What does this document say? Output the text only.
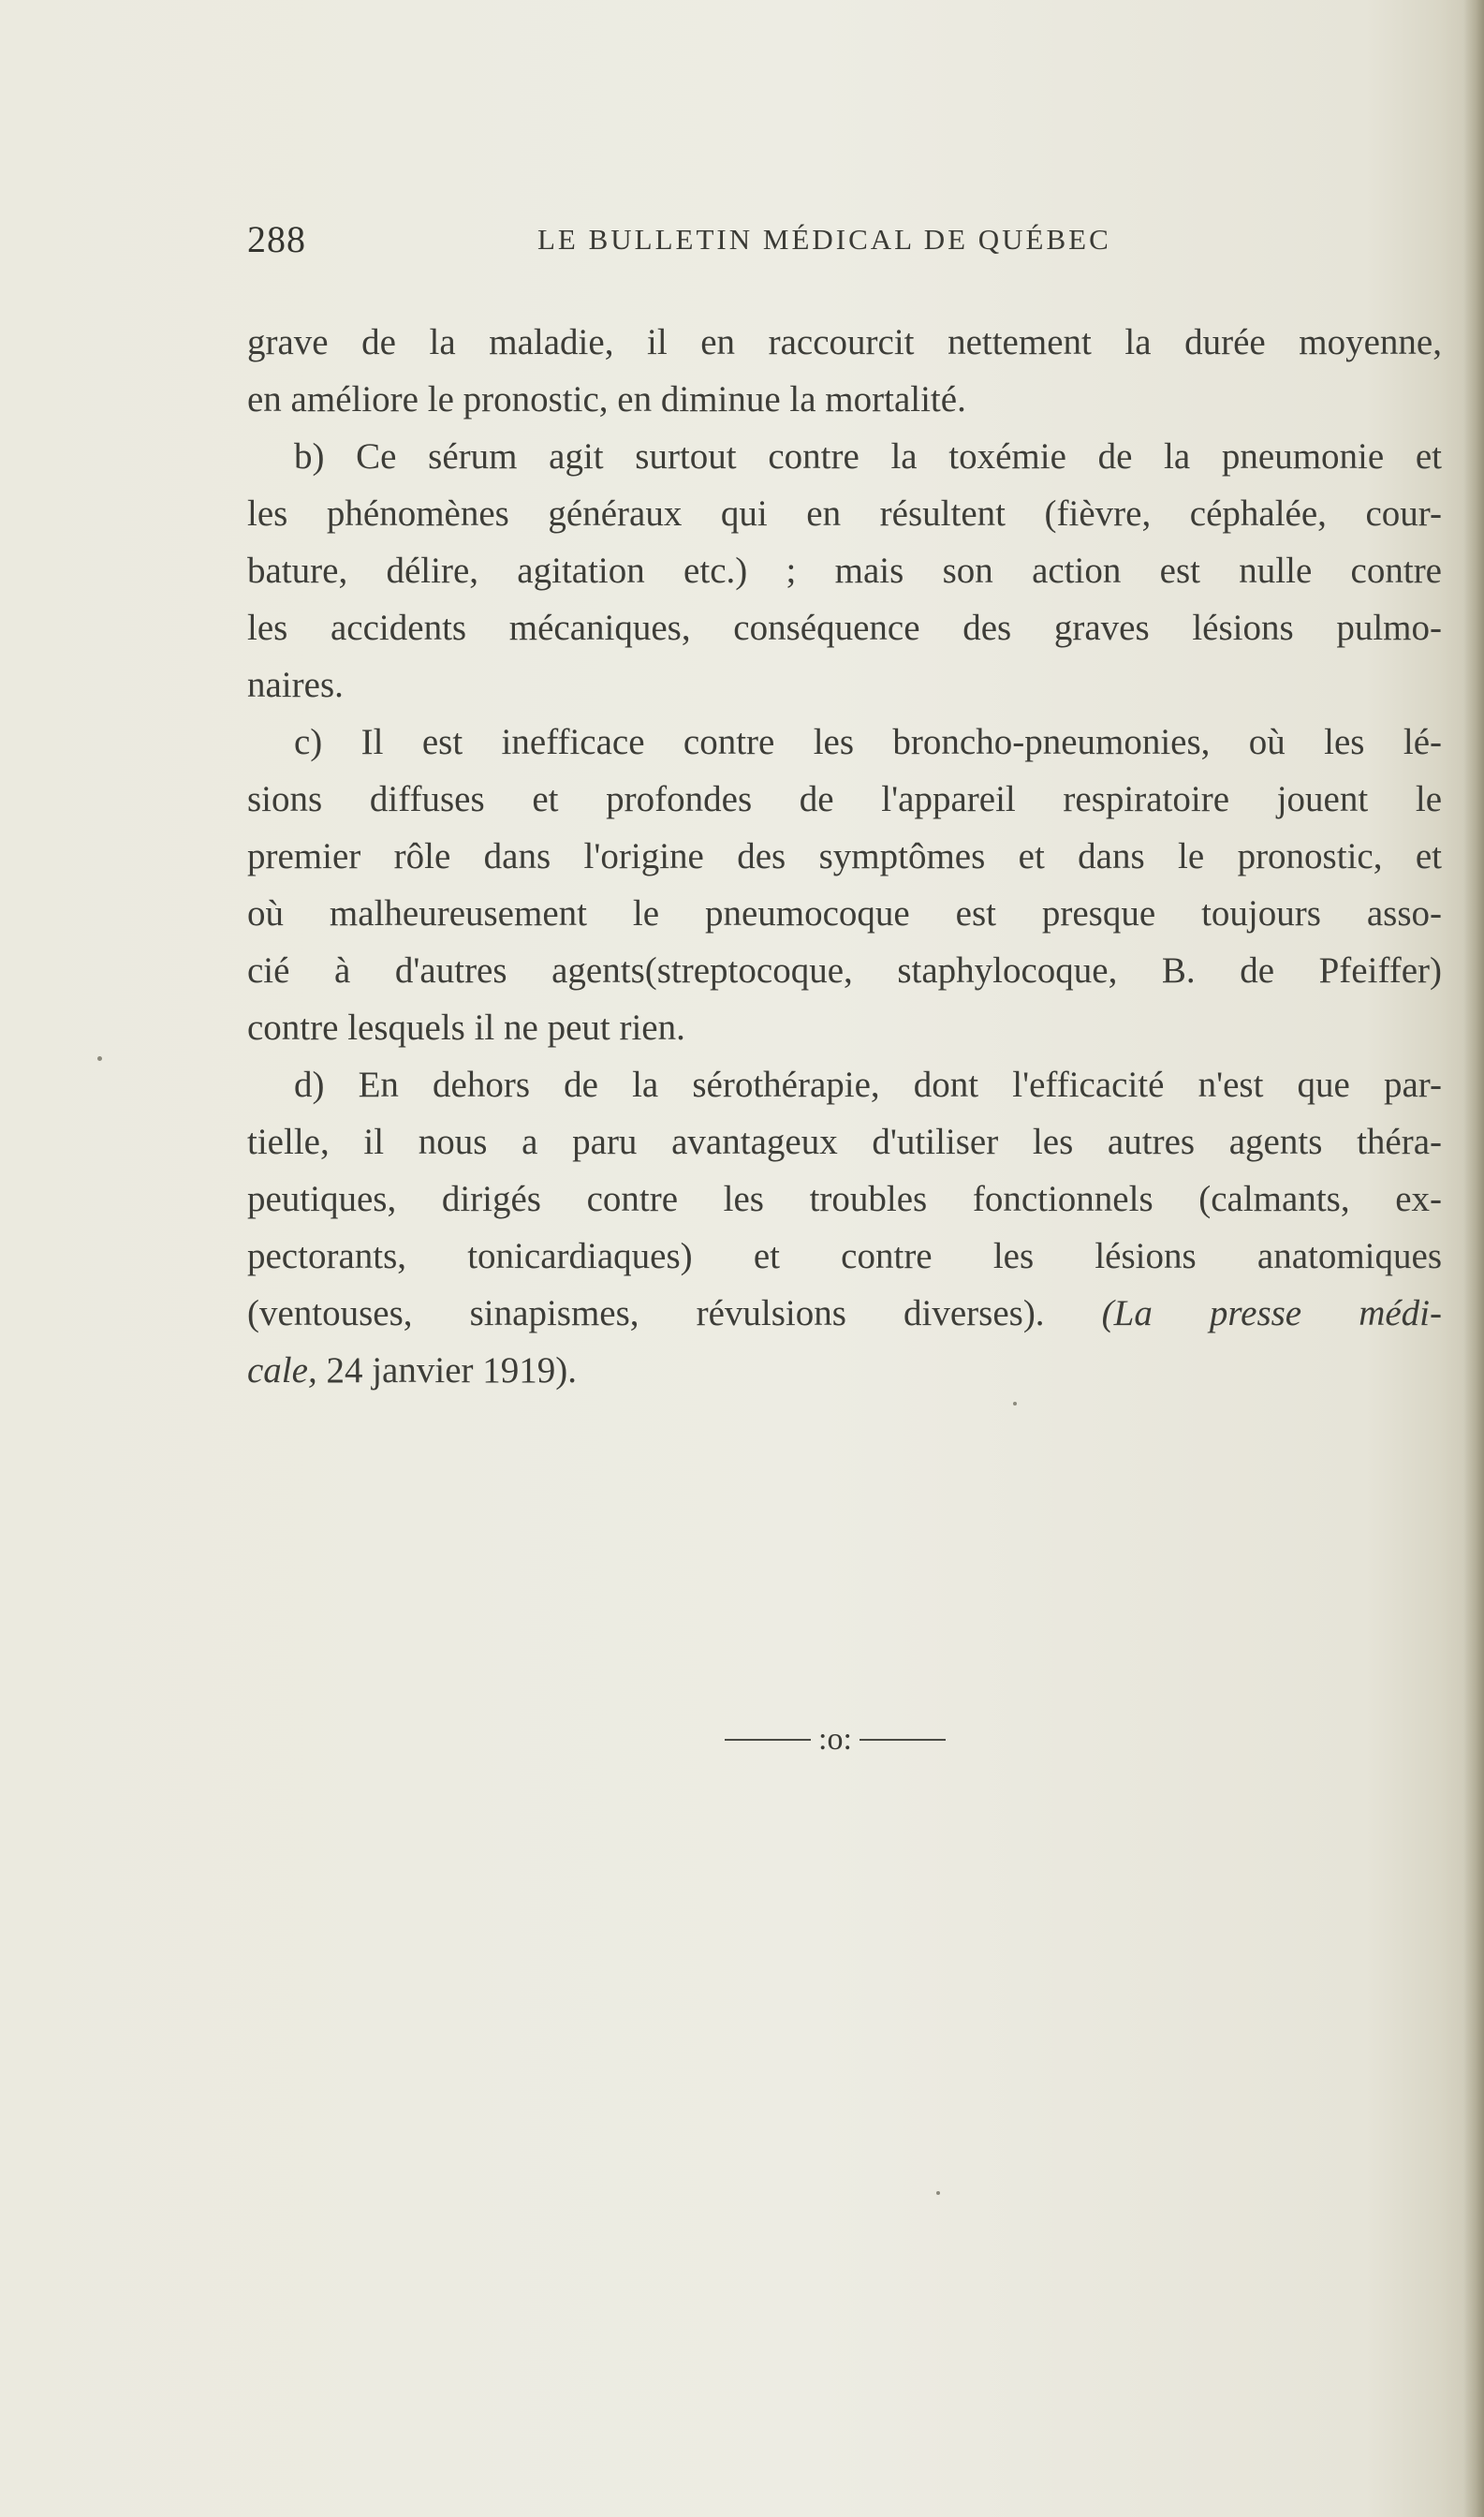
288	LE BULLETIN MÉDICAL DE QUÉBEC
grave de la maladie, il en raccourcit nettement la durée moyenne,
en améliore le pronostic, en diminue la mortalité.
b) Ce sérum agit surtout contre la toxémie de la pneumonie et
les phénomènes généraux qui en résultent (fièvre, céphalée, cour-
bature, délire, agitation etc.) ; mais son action est nulle contre
les accidents mécaniques, conséquence des graves lésions pulmo-
naires.
c) Il est inefficace contre les broncho-pneumonies, où les lé-
sions diffuses et profondes de l'appareil respiratoire jouent le
premier rôle dans l'origine des symptômes et dans le pronostic, et
où malheureusement le pneumocoque est presque toujours asso-
cié à d'autres agents(streptocoque, staphylocoque, B. de Pfeiffer)
contre lesquels il ne peut rien.
d) En dehors de la sérothérapie, dont l'efficacité n'est que par-
tielle, il nous a paru avantageux d'utiliser les autres agents théra-
peutiques, dirigés contre les troubles fonctionnels (calmants, ex-
pectorants, tonicardiaques) et contre les lésions anatomiques
(ventouses, sinapismes, révulsions diverses). (La presse médi-
cale, 24 janvier 1919).
:o:
